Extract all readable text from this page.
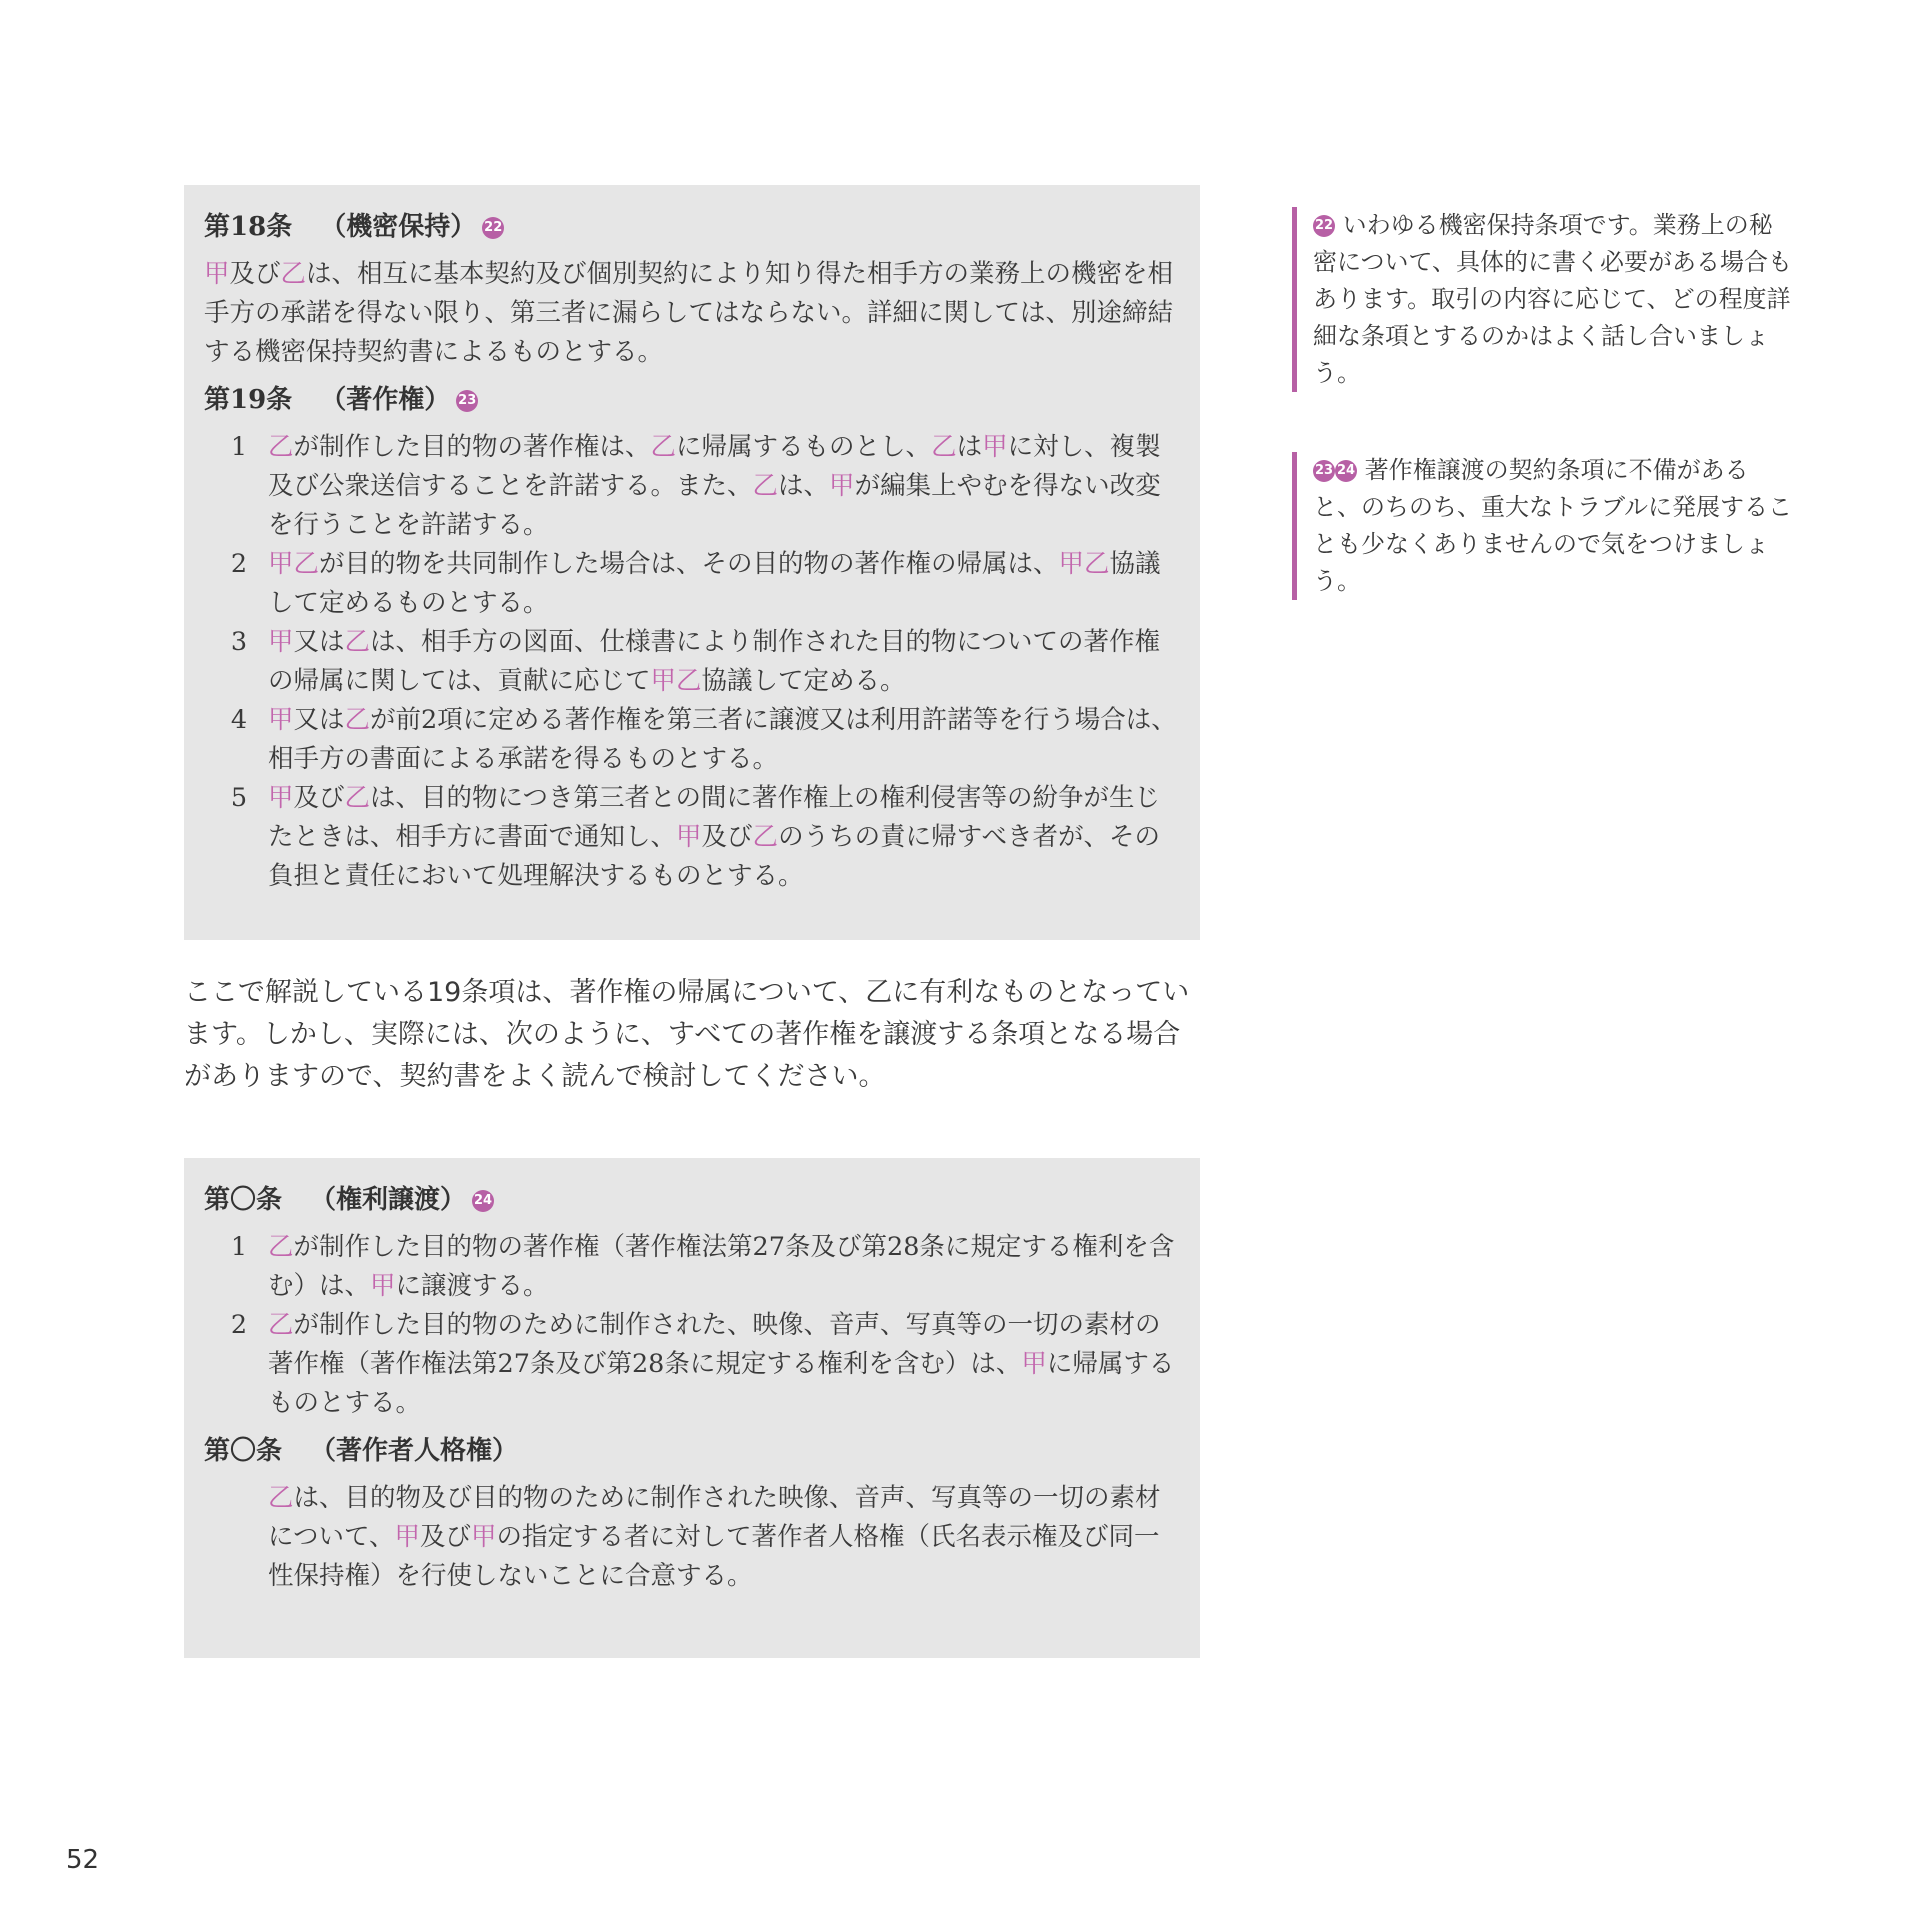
第18条 （機密保持） 22
甲及び乙は、相互に基本契約及び個別契約により知り得た相手方の業務上の機密を相手方の承諾を得ない限り、第三者に漏らしてはならない。詳細に関しては、別途締結する機密保持契約書によるものとする。
第19条 （著作権） 23
1 乙が制作した目的物の著作権は、乙に帰属するものとし、乙は甲に対し、複製及び公衆送信することを許諾する。また、乙は、甲が編集上やむを得ない改変を行うことを許諾する。
2 甲乙が目的物を共同制作した場合は、その目的物の著作権の帰属は、甲乙協議して定めるものとする。
3 甲又は乙は、相手方の図面、仕様書により制作された目的物についての著作権の帰属に関しては、貢献に応じて甲乙協議して定める。
4 甲又は乙が前2項に定める著作権を第三者に譲渡又は利用許諾等を行う場合は、相手方の書面による承諾を得るものとする。
5 甲及び乙は、目的物につき第三者との間に著作権上の権利侵害等の紛争が生じたときは、相手方に書面で通知し、甲及び乙のうちの責に帰すべき者が、その負担と責任において処理解決するものとする。
ここで解説している19条項は、著作権の帰属について、乙に有利なものとなっています。しかし、実際には、次のように、すべての著作権を譲渡する条項となる場合がありますので、契約書をよく読んで検討してください。
第〇条 （権利譲渡） 24
1 乙が制作した目的物の著作権（著作権法第27条及び第28条に規定する権利を含む）は、甲に譲渡する。
2 乙が制作した目的物のために制作された、映像、音声、写真等の一切の素材の著作権（著作権法第27条及び第28条に規定する権利を含む）は、甲に帰属するものとする。
第〇条 （著作者人格権）
乙は、目的物及び目的物のために制作された映像、音声、写真等の一切の素材について、甲及び甲の指定する者に対して著作者人格権（氏名表示権及び同一性保持権）を行使しないことに合意する。
22 いわゆる機密保持条項です。業務上の秘密について、具体的に書く必要がある場合もあります。取引の内容に応じて、どの程度詳細な条項とするのかはよく話し合いましょう。
23 24 著作権譲渡の契約条項に不備があると、のちのち、重大なトラブルに発展することも少なくありませんので気をつけましょう。
52
